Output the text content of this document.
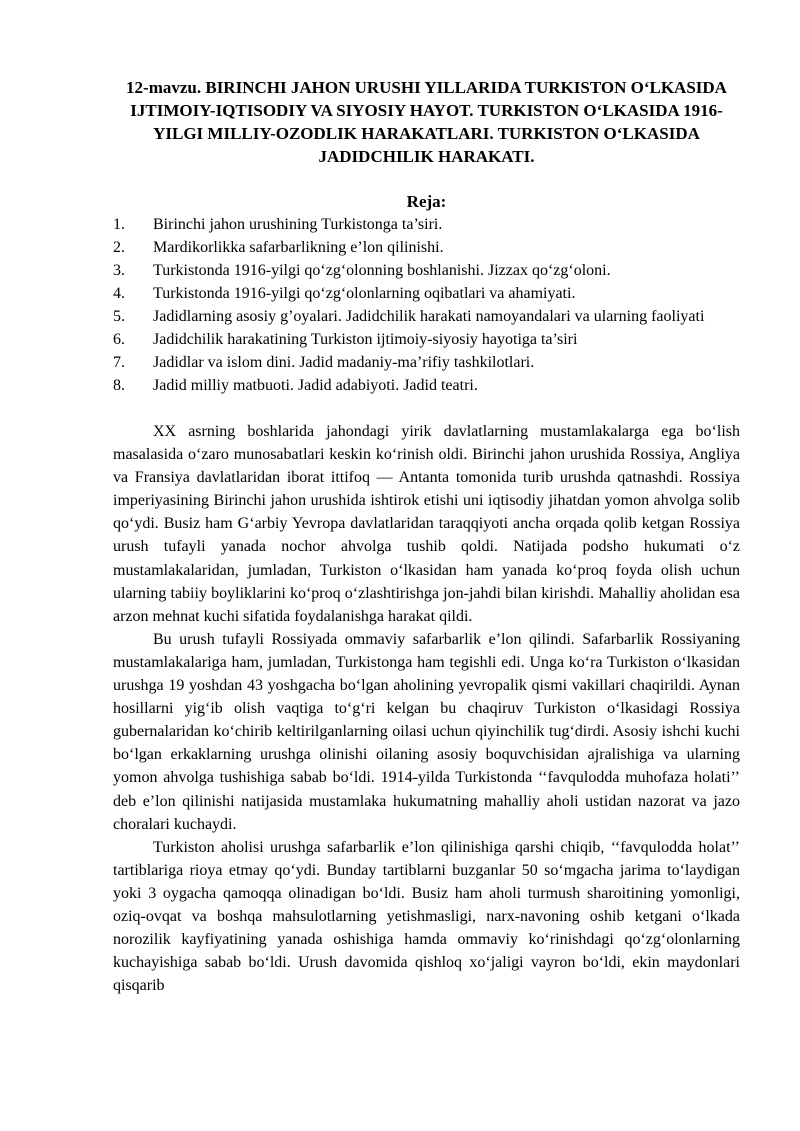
12-mavzu. BIRINCHI JAHON URUSHI YILLARIDA TURKISTON O‘LKASIDA IJTIMOIY-IQTISODIY VA SIYOSIY HAYOT. TURKISTON O‘LKASIDA 1916-YILGI MILLIY-OZODLIK HARAKATLARI. TURKISTON O‘LKASIDA JADIDCHILIK HARAKATI.
Reja:
1.	Birinchi jahon urushining Turkistonga ta’siri.
2.	Mardikorlikka safarbarlikning e’lon qilinishi.
3.	Turkistonda 1916-yilgi qo‘zg‘olonning boshlanishi. Jizzax qo‘zg‘oloni.
4.	Turkistonda 1916-yilgi qo‘zg‘olonlarning oqibatlari va ahamiyati.
5.	Jadidlarning asosiy g’oyalari. Jadidchilik harakati namoyandalari va ularning faoliyati
6.	Jadidchilik harakatining Turkiston ijtimoiy-siyosiy hayotiga ta’siri
7.	Jadidlar va islom dini. Jadid madaniy-ma’rifiy tashkilotlari.
8.	Jadid milliy matbuoti. Jadid adabiyoti. Jadid teatri.

XX asrning boshlarida jahondagi yirik davlatlarning mustamlakalarga ega bo‘lish masalasida o‘zaro munosabatlari keskin ko‘rinish oldi. Birinchi jahon urushida Rossiya, Angliya va Fransiya davlatlaridan iborat ittifoq — Antanta tomonida turib urushda qatnashdi. Rossiya imperiyasining Birinchi jahon urushida ishtirok etishi uni iqtisodiy jihatdan yomon ahvolga solib qo‘ydi. Busiz ham G‘arbiy Yevropa davlatlaridan taraqqiyoti ancha orqada qolib ketgan Rossiya urush tufayli yanada nochor ahvolga tushib qoldi. Natijada podsho hukumati o‘z mustamlakalaridan, jumladan, Turkiston o‘lkasidan ham yanada ko‘proq foyda olish uchun ularning tabiiy boyliklarini ko‘proq o‘zlashtirishga jon-jahdi bilan kirishdi. Mahalliy aholidan esa arzon mehnat kuchi sifatida foydalanishga harakat qildi.

Bu urush tufayli Rossiyada ommaviy safarbarlik e’lon qilindi. Safarbarlik Rossiyaning mustamlakalariga ham, jumladan, Turkistonga ham tegishli edi. Unga ko‘ra Turkiston o‘lkasidan urushga 19 yoshdan 43 yoshgacha bo‘lgan aholining yevropalik qismi vakillari chaqirildi. Aynan hosillarni yig‘ib olish vaqtiga to‘g‘ri kelgan bu chaqiruv Turkiston o‘lkasidagi Rossiya gubernalaridan ko‘chirib keltirilganlarning oilasi uchun qiyinchilik tug‘dirdi. Asosiy ishchi kuchi bo‘lgan erkaklarning urushga olinishi oilaning asosiy boquvchisidan ajralishiga va ularning yomon ahvolga tushishiga sabab bo‘ldi. 1914-yilda Turkistonda ‘‘favqulodda muhofaza holati’’ deb e’lon qilinishi natijasida mustamlaka hukumatning mahalliy aholi ustidan nazorat va jazo choralari kuchaydi.

Turkiston aholisi urushga safarbarlik e’lon qilinishiga qarshi chiqib, ‘‘favqulodda holat’’ tartiblariga rioya etmay qo‘ydi. Bunday tartiblarni buzganlar 50 so‘mgacha jarima to‘laydigan yoki 3 oygacha qamoqqa olinadigan bo‘ldi. Busiz ham aholi turmush sharoitining yomonligi, oziq-ovqat va boshqa mahsulotlarning yetishmasligi, narx-navoning oshib ketgani o‘lkada norozilik kayfiyatining yanada oshishiga hamda ommaviy ko‘rinishdagi qo‘zg‘olonlarning kuchayishiga sabab bo‘ldi. Urush davomida qishloq xo‘jaligi vayron bo‘ldi, ekin maydonlari qisqarib
